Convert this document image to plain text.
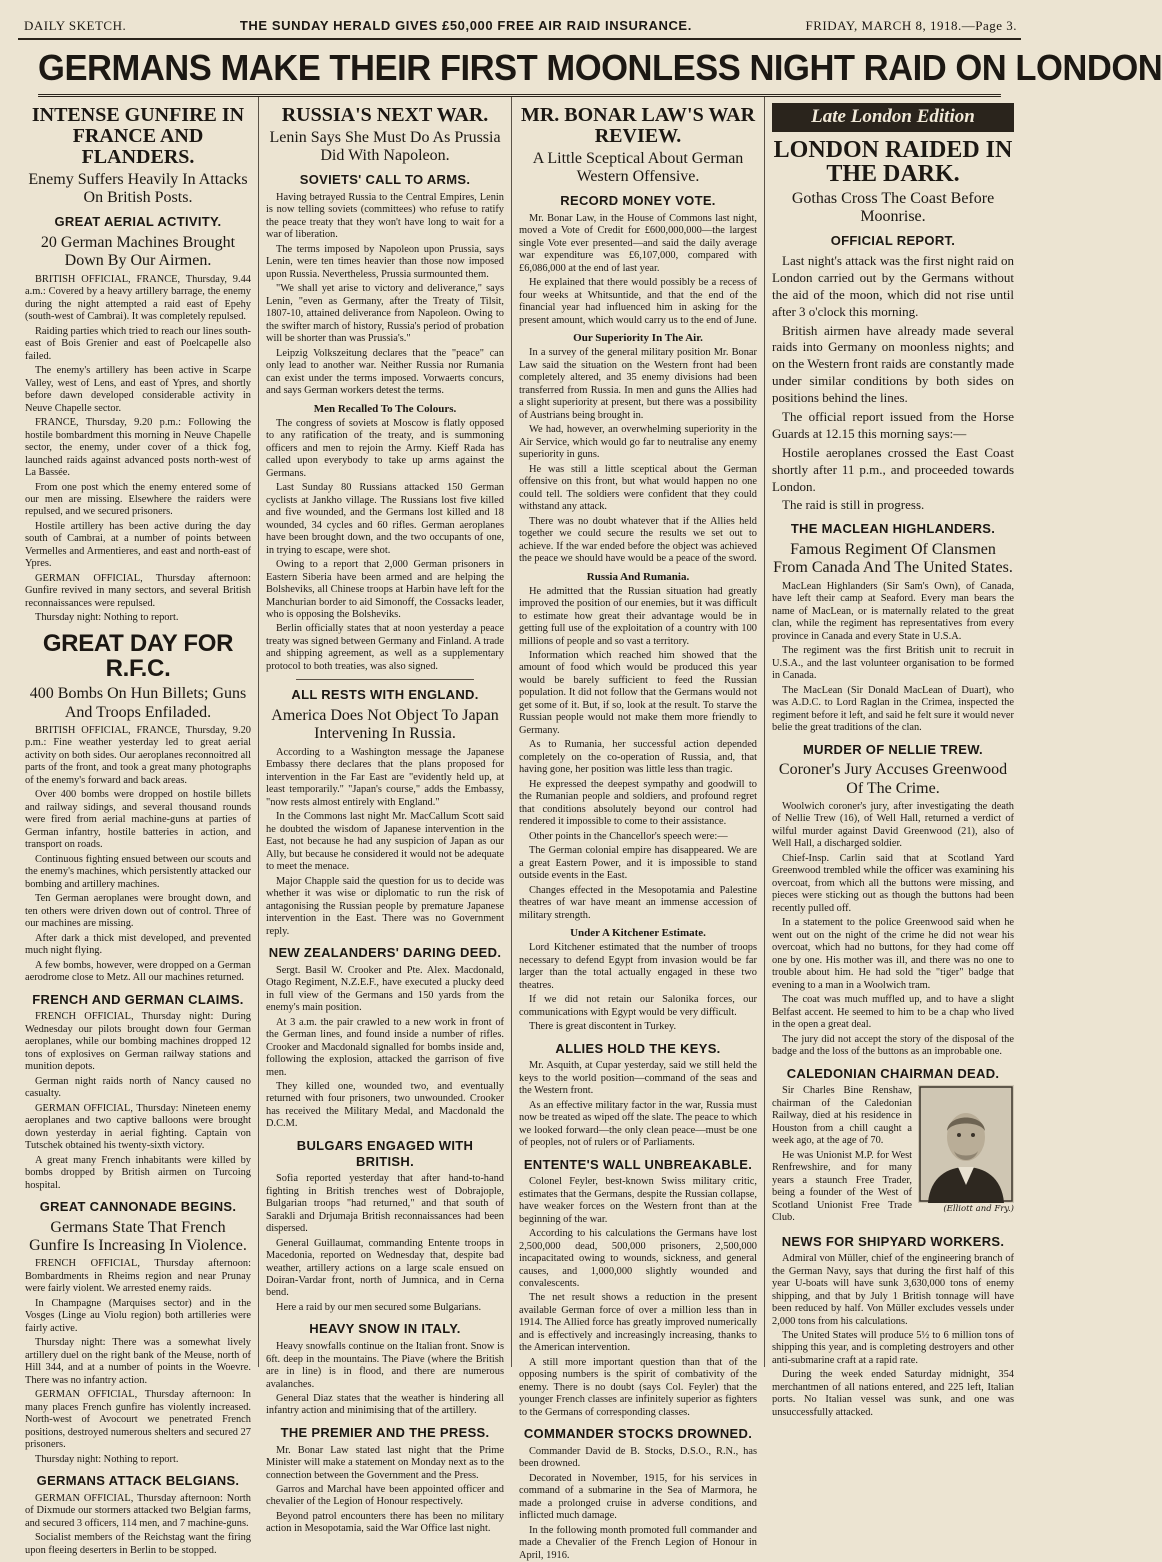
DAILY SKETCH.	THE SUNDAY HERALD GIVES £50,000 FREE AIR RAID INSURANCE.	FRIDAY, MARCH 8, 1918.—Page 3.
GERMANS MAKE THEIR FIRST MOONLESS NIGHT RAID ON LONDON
INTENSE GUNFIRE IN FRANCE AND FLANDERS.
Enemy Suffers Heavily In Attacks On British Posts.
GREAT AERIAL ACTIVITY.
20 German Machines Brought Down By Our Airmen.

BRITISH OFFICIAL, FRANCE, Thursday, 9.44 a.m.: Covered by a heavy artillery barrage, the enemy during the night attempted a raid east of Epehy (south-west of Cambrai). It was completely repulsed.

Raiding parties which tried to reach our lines south-east of Bois Grenier and east of Poelcapelle also failed.

The enemy's artillery has been active in Scarpe Valley, west of Lens, and east of Ypres, and shortly before dawn developed considerable activity in Neuve Chapelle sector.

FRANCE, Thursday, 9.20 p.m.: Following the hostile bombardment this morning in Neuve Chapelle sector, the enemy, under cover of a thick fog, launched raids against advanced posts north-west of La Bassée.

From one post which the enemy entered some of our men are missing. Elsewhere the raiders were repulsed, and we secured prisoners.

Hostile artillery has been active during the day south of Cambrai, at a number of points between Vermelles and Armentieres, and east and north-east of Ypres.

GERMAN OFFICIAL, Thursday afternoon: Gunfire revived in many sectors, and several British reconnaissances were repulsed.

Thursday night: Nothing to report.

GREAT DAY FOR R.F.C.
400 Bombs On Hun Billets; Guns And Troops Enfiladed.

BRITISH OFFICIAL, FRANCE, Thursday, 9.20 p.m.: Fine weather yesterday led to great aerial activity on both sides. Our aeroplanes reconnoitred all parts of the front, and took a great many photographs of the enemy's forward and back areas.

Over 400 bombs were dropped on hostile billets and railway sidings, and several thousand rounds were fired from aerial machine-guns at parties of German infantry, hostile batteries in action, and transport on roads.

Continuous fighting ensued between our scouts and the enemy's machines, which persistently attacked our bombing and artillery machines.

Ten German aeroplanes were brought down, and ten others were driven down out of control. Three of our machines are missing.

After dark a thick mist developed, and prevented much night flying.

A few bombs, however, were dropped on a German aerodrome close to Metz. All our machines returned.

FRENCH AND GERMAN CLAIMS.

FRENCH OFFICIAL, Thursday night: During Wednesday our pilots brought down four German aeroplanes, while our bombing machines dropped 12 tons of explosives on German railway stations and munition depots.

German night raids north of Nancy caused no casualty.

GERMAN OFFICIAL, Thursday: Nineteen enemy aeroplanes and two captive balloons were brought down yesterday in aerial fighting. Captain von Tutschek obtained his twenty-sixth victory.

A great many French inhabitants were killed by bombs dropped by British airmen on Turcoing hospital.

GREAT CANNONADE BEGINS.
Germans State That French Gunfire Is Increasing In Violence.

FRENCH OFFICIAL, Thursday afternoon: Bombardments in Rheims region and near Prunay were fairly violent. We arrested enemy raids.

In Champagne (Marquises sector) and in the Vosges (Linge au Violu region) both artilleries were fairly active.

Thursday night: There was a somewhat lively artillery duel on the right bank of the Meuse, north of Hill 344, and at a number of points in the Woevre. There was no infantry action.

GERMAN OFFICIAL, Thursday afternoon: In many places French gunfire has violently increased. North-west of Avocourt we penetrated French positions, destroyed numerous shelters and secured 27 prisoners.

Thursday night: Nothing to report.

GERMANS ATTACK BELGIANS.

GERMAN OFFICIAL, Thursday afternoon: North of Dixmude our stormers attacked two Belgian farms, and secured 3 officers, 114 men, and 7 machine-guns.

Socialist members of the Reichstag want the firing upon fleeing deserters in Berlin to be stopped.

RUSSIA'S NEXT WAR.
Lenin Says She Must Do As Prussia Did With Napoleon.
SOVIETS' CALL TO ARMS.

Having betrayed Russia to the Central Empires, Lenin is now telling soviets (committees) who refuse to ratify the peace treaty that they won't have long to wait for a war of liberation.

The terms imposed by Napoleon upon Prussia, says Lenin, were ten times heavier than those now imposed upon Russia. Nevertheless, Prussia surmounted them.

"We shall yet arise to victory and deliverance," says Lenin, "even as Germany, after the Treaty of Tilsit, 1807-10, attained deliverance from Napoleon. Owing to the swifter march of history, Russia's period of probation will be shorter than was Prussia's."

Leipzig Volkszeitung declares that the "peace" can only lead to another war. Neither Russia nor Rumania can exist under the terms imposed. Vorwaerts concurs, and says German workers detest the terms.

Men Recalled To The Colours.

The congress of soviets at Moscow is flatly opposed to any ratification of the treaty, and is summoning officers and men to rejoin the Army. Kieff Rada has called upon everybody to take up arms against the Germans.

Last Sunday 80 Russians attacked 150 German cyclists at Jankho village. The Russians lost five killed and five wounded, and the Germans lost killed and 18 wounded, 34 cycles and 60 rifles. German aeroplanes have been brought down, and the two occupants of one, in trying to escape, were shot.

Owing to a report that 2,000 German prisoners in Eastern Siberia have been armed and are helping the Bolsheviks, all Chinese troops at Harbin have left for the Manchurian border to aid Simonoff, the Cossacks leader, who is opposing the Bolsheviks.

Berlin officially states that at noon yesterday a peace treaty was signed between Germany and Finland. A trade and shipping agreement, as well as a supplementary protocol to both treaties, was also signed.

ALL RESTS WITH ENGLAND.
America Does Not Object To Japan Intervening In Russia.

According to a Washington message the Japanese Embassy there declares that the plans proposed for intervention in the Far East are "evidently held up, at least temporarily." "Japan's course," adds the Embassy, "now rests almost entirely with England."

In the Commons last night Mr. MacCallum Scott said he doubted the wisdom of Japanese intervention in the East, not because he had any suspicion of Japan as our Ally, but because he considered it would not be adequate to meet the menace.

Major Chapple said the question for us to decide was whether it was wise or diplomatic to run the risk of antagonising the Russian people by premature Japanese intervention in the East. There was no Government reply.

NEW ZEALANDERS' DARING DEED.

Sergt. Basil W. Crooker and Pte. Alex. Macdonald, Otago Regiment, N.Z.E.F., have executed a plucky deed in full view of the Germans and 150 yards from the enemy's main position.

At 3 a.m. the pair crawled to a new work in front of the German lines, and found inside a number of rifles. Crooker and Macdonald signalled for bombs inside and, following the explosion, attacked the garrison of five men.

They killed one, wounded two, and eventually returned with four prisoners, two unwounded. Crooker has received the Military Medal, and Macdonald the D.C.M.

BULGARS ENGAGED WITH BRITISH.

Sofia reported yesterday that after hand-to-hand fighting in British trenches west of Dobrajople, Bulgarian troops "had returned," and that south of Sarakli and Drjumaja British reconnaissances had been dispersed.

General Guillaumat, commanding Entente troops in Macedonia, reported on Wednesday that, despite bad weather, artillery actions on a large scale ensued on Doiran-Vardar front, north of Jumnica, and in Cerna bend.

Here a raid by our men secured some Bulgarians.

HEAVY SNOW IN ITALY.

Heavy snowfalls continue on the Italian front. Snow is 6ft. deep in the mountains. The Piave (where the British are in line) is in flood, and there are numerous avalanches.

General Diaz states that the weather is hindering all infantry action and minimising that of the artillery.

THE PREMIER AND THE PRESS.

Mr. Bonar Law stated last night that the Prime Minister will make a statement on Monday next as to the connection between the Government and the Press.

Garros and Marchal have been appointed officer and chevalier of the Legion of Honour respectively.

Beyond patrol encounters there has been no military action in Mesopotamia, said the War Office last night.

MR. BONAR LAW'S WAR REVIEW.
A Little Sceptical About German Western Offensive.
RECORD MONEY VOTE.

Mr. Bonar Law, in the House of Commons last night, moved a Vote of Credit for £600,000,000—the largest single Vote ever presented—and said the daily average war expenditure was £6,107,000, compared with £6,086,000 at the end of last year.

He explained that there would possibly be a recess of four weeks at Whitsuntide, and that the end of the financial year had influenced him in asking for the present amount, which would carry us to the end of June.

Our Superiority In The Air.

In a survey of the general military position Mr. Bonar Law said the situation on the Western front had been completely altered, and 35 enemy divisions had been transferred from Russia. In men and guns the Allies had a slight superiority at present, but there was a possibility of Austrians being brought in.

We had, however, an overwhelming superiority in the Air Service, which would go far to neutralise any enemy superiority in guns.

He was still a little sceptical about the German offensive on this front, but what would happen no one could tell. The soldiers were confident that they could withstand any attack.

There was no doubt whatever that if the Allies held together we could secure the results we set out to achieve. If the war ended before the object was achieved the peace we should have would be a peace of the sword.

Russia And Rumania.

He admitted that the Russian situation had greatly improved the position of our enemies, but it was difficult to estimate how great their advantage would be in getting full use of the exploitation of a country with 100 millions of people and so vast a territory.

Information which reached him showed that the amount of food which would be produced this year would be barely sufficient to feed the Russian population. It did not follow that the Germans would not get some of it. But, if so, look at the result. To starve the Russian people would not make them more friendly to Germany.

As to Rumania, her successful action depended completely on the co-operation of Russia, and, that having gone, her position was little less than tragic.

He expressed the deepest sympathy and goodwill to the Rumanian people and soldiers, and profound regret that conditions absolutely beyond our control had rendered it impossible to come to their assistance.

Other points in the Chancellor's speech were:—

The German colonial empire has disappeared. We are a great Eastern Power, and it is impossible to stand outside events in the East.

Changes effected in the Mesopotamia and Palestine theatres of war have meant an immense accession of military strength.

Under A Kitchener Estimate.

Lord Kitchener estimated that the number of troops necessary to defend Egypt from invasion would be far larger than the total actually engaged in these two theatres.

If we did not retain our Salonika forces, our communications with Egypt would be very difficult.

There is great discontent in Turkey.

ALLIES HOLD THE KEYS.

Mr. Asquith, at Cupar yesterday, said we still held the keys to the world position—command of the seas and the Western front.

As an effective military factor in the war, Russia must now be treated as wiped off the slate. The peace to which we looked forward—the only clean peace—must be one of peoples, not of rulers or of Parliaments.

ENTENTE'S WALL UNBREAKABLE.

Colonel Feyler, best-known Swiss military critic, estimates that the Germans, despite the Russian collapse, have weaker forces on the Western front than at the beginning of the war.

According to his calculations the Germans have lost 2,500,000 dead, 500,000 prisoners, 2,500,000 incapacitated owing to wounds, sickness, and general causes, and 1,000,000 slightly wounded and convalescents.

The net result shows a reduction in the present available German force of over a million less than in 1914. The Allied force has greatly improved numerically and is effectively and increasingly increasing, thanks to the American intervention.

A still more important question than that of the opposing numbers is the spirit of combativity of the enemy. There is no doubt (says Col. Feyler) that the younger French classes are infinitely superior as fighters to the Germans of corresponding classes.

COMMANDER STOCKS DROWNED.

Commander David de B. Stocks, D.S.O., R.N., has been drowned.

Decorated in November, 1915, for his services in command of a submarine in the Sea of Marmora, he made a prolonged cruise in adverse conditions, and inflicted much damage.

In the following month promoted full commander and made a Chevalier of the French Legion of Honour in April, 1916.

Late London Edition
LONDON RAIDED IN THE DARK.
Gothas Cross The Coast Before Moonrise.
OFFICIAL REPORT.

Last night's attack was the first night raid on London carried out by the Germans without the aid of the moon, which did not rise until after 3 o'clock this morning.

British airmen have already made several raids into Germany on moonless nights; and on the Western front raids are constantly made under similar conditions by both sides on positions behind the lines.

The official report issued from the Horse Guards at 12.15 this morning says:—

Hostile aeroplanes crossed the East Coast shortly after 11 p.m., and proceeded towards London.

The raid is still in progress.

THE MACLEAN HIGHLANDERS.
Famous Regiment Of Clansmen From Canada And The United States.

MacLean Highlanders (Sir Sam's Own), of Canada, have left their camp at Seaford. Every man bears the name of MacLean, or is maternally related to the great clan, while the regiment has representatives from every province in Canada and every State in U.S.A.

The regiment was the first British unit to recruit in U.S.A., and the last volunteer organisation to be formed in Canada.

The MacLean (Sir Donald MacLean of Duart), who was A.D.C. to Lord Raglan in the Crimea, inspected the regiment before it left, and said he felt sure it would never belie the great traditions of the clan.

MURDER OF NELLIE TREW.
Coroner's Jury Accuses Greenwood Of The Crime.

Woolwich coroner's jury, after investigating the death of Nellie Trew (16), of Well Hall, returned a verdict of wilful murder against David Greenwood (21), also of Well Hall, a discharged soldier.

Chief-Insp. Carlin said that at Scotland Yard Greenwood trembled while the officer was examining his overcoat, from which all the buttons were missing, and pieces were sticking out as though the buttons had been recently pulled off.

In a statement to the police Greenwood said when he went out on the night of the crime he did not wear his overcoat, which had no buttons, for they had come off one by one. His mother was ill, and there was no one to trouble about him. He had sold the "tiger" badge that evening to a man in a Woolwich tram.

The coat was much muffled up, and to have a slight Belfast accent. He seemed to him to be a chap who lived in the open a great deal.

The jury did not accept the story of the disposal of the badge and the loss of the buttons as an improbable one.

CALEDONIAN CHAIRMAN DEAD.

Sir Charles Bine Renshaw, chairman of the Caledonian Railway, died at his residence in Houston from a chill caught a week ago, at the age of 70.

He was Unionist M.P. for West Renfrewshire, and for many years a staunch Free Trader, being a founder of the West of Scotland Unionist Free Trade Club.

(Elliott and Fry.)
NEWS FOR SHIPYARD WORKERS.

Admiral von Müller, chief of the engineering branch of the German Navy, says that during the first half of this year U-boats will have sunk 3,630,000 tons of enemy shipping, and that by July 1 British tonnage will have been reduced by half. Von Müller excludes vessels under 2,000 tons from his calculations.

The United States will produce 5½ to 6 million tons of shipping this year, and is completing destroyers and other anti-submarine craft at a rapid rate.

During the week ended Saturday midnight, 354 merchantmen of all nations entered, and 225 left, Italian ports. No Italian vessel was sunk, and one was unsuccessfully attacked.
